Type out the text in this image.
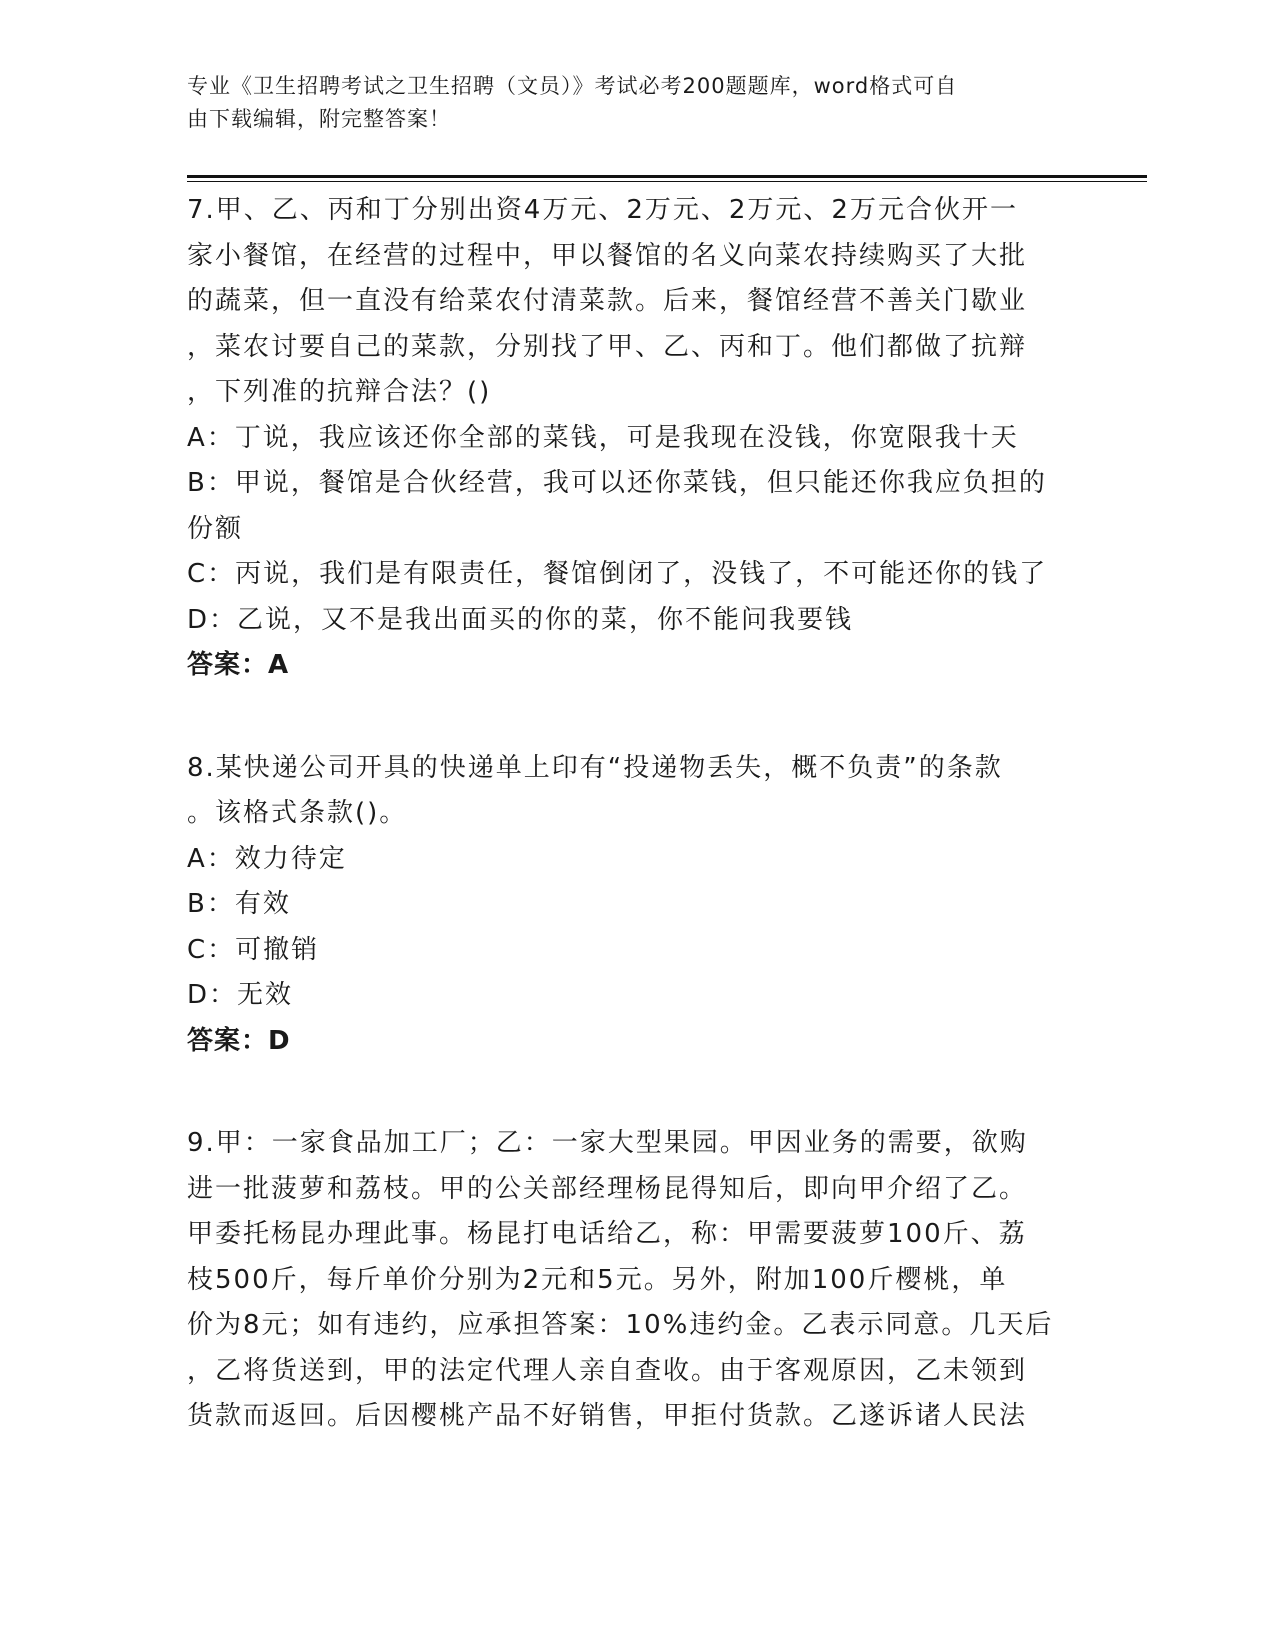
专业《卫生招聘考试之卫生招聘（文员）》考试必考200题题库，word格式可自
由下载编辑，附完整答案！
7.甲、乙、丙和丁分别出资4万元、2万元、2万元、2万元合伙开一
家小餐馆，在经营的过程中，甲以餐馆的名义向菜农持续购买了大批
的蔬菜，但一直没有给菜农付清菜款。后来，餐馆经营不善关门歇业
，菜农讨要自己的菜款，分别找了甲、乙、丙和丁。他们都做了抗辩
，下列准的抗辩合法？()
A：丁说，我应该还你全部的菜钱，可是我现在没钱，你宽限我十天
B：甲说，餐馆是合伙经营，我可以还你菜钱，但只能还你我应负担的
份额
C：丙说，我们是有限责任，餐馆倒闭了，没钱了，不可能还你的钱了
D：乙说，又不是我出面买的你的菜，你不能问我要钱
答案：A
8.某快递公司开具的快递单上印有“投递物丢失，概不负责”的条款
。该格式条款()。
A：效力待定
B：有效
C：可撤销
D：无效
答案：D
9.甲：一家食品加工厂；乙：一家大型果园。甲因业务的需要，欲购
进一批菠萝和荔枝。甲的公关部经理杨昆得知后，即向甲介绍了乙。
甲委托杨昆办理此事。杨昆打电话给乙，称：甲需要菠萝100斤、荔
枝500斤，每斤单价分别为2元和5元。另外，附加100斤樱桃，单
价为8元；如有违约，应承担答案：10%违约金。乙表示同意。几天后
，乙将货送到，甲的法定代理人亲自查收。由于客观原因，乙未领到
货款而返回。后因樱桃产品不好销售，甲拒付货款。乙遂诉诸人民法
